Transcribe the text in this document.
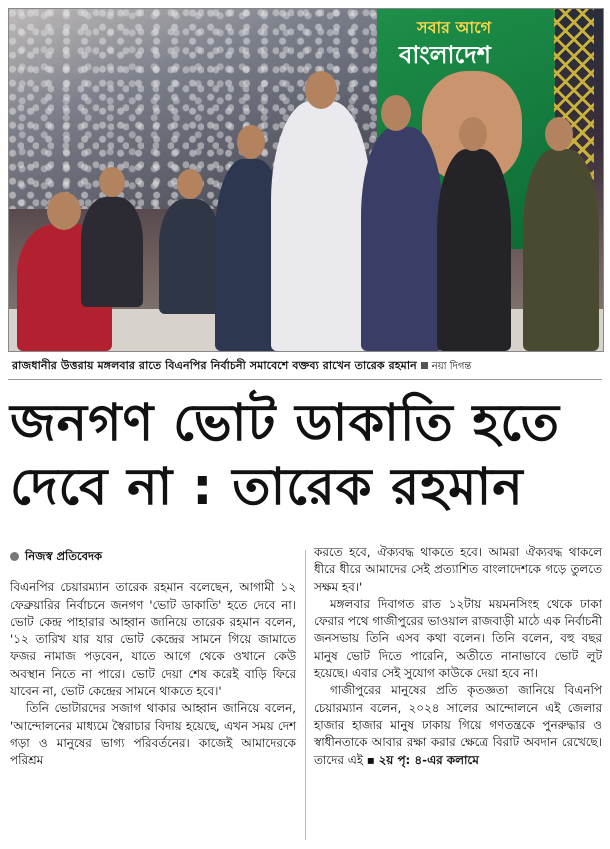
সবার আগে
বাংলাদেশ
রাজধানীর উত্তরায় মঙ্গলবার রাতে বিএনপির নির্বাচনী সমাবেশে বক্তব্য রাখেন তারেক রহমান নয়া দিগন্ত
জনগণ ভোট ডাকাতি হতে
দেবে না : তারেক রহমান
নিজস্ব প্রতিবেদক

বিএনপির চেয়ারম্যান তারেক রহমান বলেছেন, আগামী ১২ ফেব্রুয়ারির নির্বাচনে জনগণ 'ভোট ডাকাতি' হতে দেবে না। ভোট কেন্দ্র পাহারার আহ্বান জানিয়ে তারেক রহমান বলেন, '১২ তারিখ যার যার ভোট কেন্দ্রের সামনে গিয়ে জামাতে ফজর নামাজ পড়বেন, যাতে আগে থেকে ওখানে কেউ অবস্থান নিতে না পারে। ভোট দেয়া শেষ করেই বাড়ি ফিরে যাবেন না, ভোট কেন্দ্রের সামনে থাকতে হবে।'

তিনি ভোটারদের সজাগ থাকার আহ্বান জানিয়ে বলেন, 'আন্দোলনের মাধ্যমে স্বৈরাচার বিদায় হয়েছে, এখন সময় দেশ গড়া ও মানুষের ভাগ্য পরিবর্তনের। কাজেই আমাদেরকে পরিশ্রম

করতে হবে, ঐক্যবদ্ধ থাকতে হবে। আমরা ঐক্যবদ্ধ থাকলে ধীরে ধীরে আমাদের সেই প্রত্যাশিত বাংলাদেশকে গড়ে তুলতে সক্ষম হব।'

মঙ্গলবার দিবাগত রাত ১২টায় ময়মনসিংহ থেকে ঢাকা ফেরার পথে গাজীপুরের ভাওয়াল রাজবাড়ী মাঠে এক নির্বাচনী জনসভায় তিনি এসব কথা বলেন। তিনি বলেন, বহু বছর মানুষ ভোট দিতে পারেনি, অতীতে নানাভাবে ভোট লুট হয়েছে। এবার সেই সুযোগ কাউকে দেয়া হবে না।

গাজীপুরের মানুষের প্রতি কৃতজ্ঞতা জানিয়ে বিএনপি চেয়ারম্যান বলেন, ২০২৪ সালের আন্দোলনে এই জেলার হাজার হাজার মানুষ ঢাকায় গিয়ে গণতন্ত্রকে পুনরুদ্ধার ও স্বাধীনতাকে আবার রক্ষা করার ক্ষেত্রে বিরাট অবদান রেখেছে। তাদের এই ▪ ২য় পৃ: ৪-এর কলামে
